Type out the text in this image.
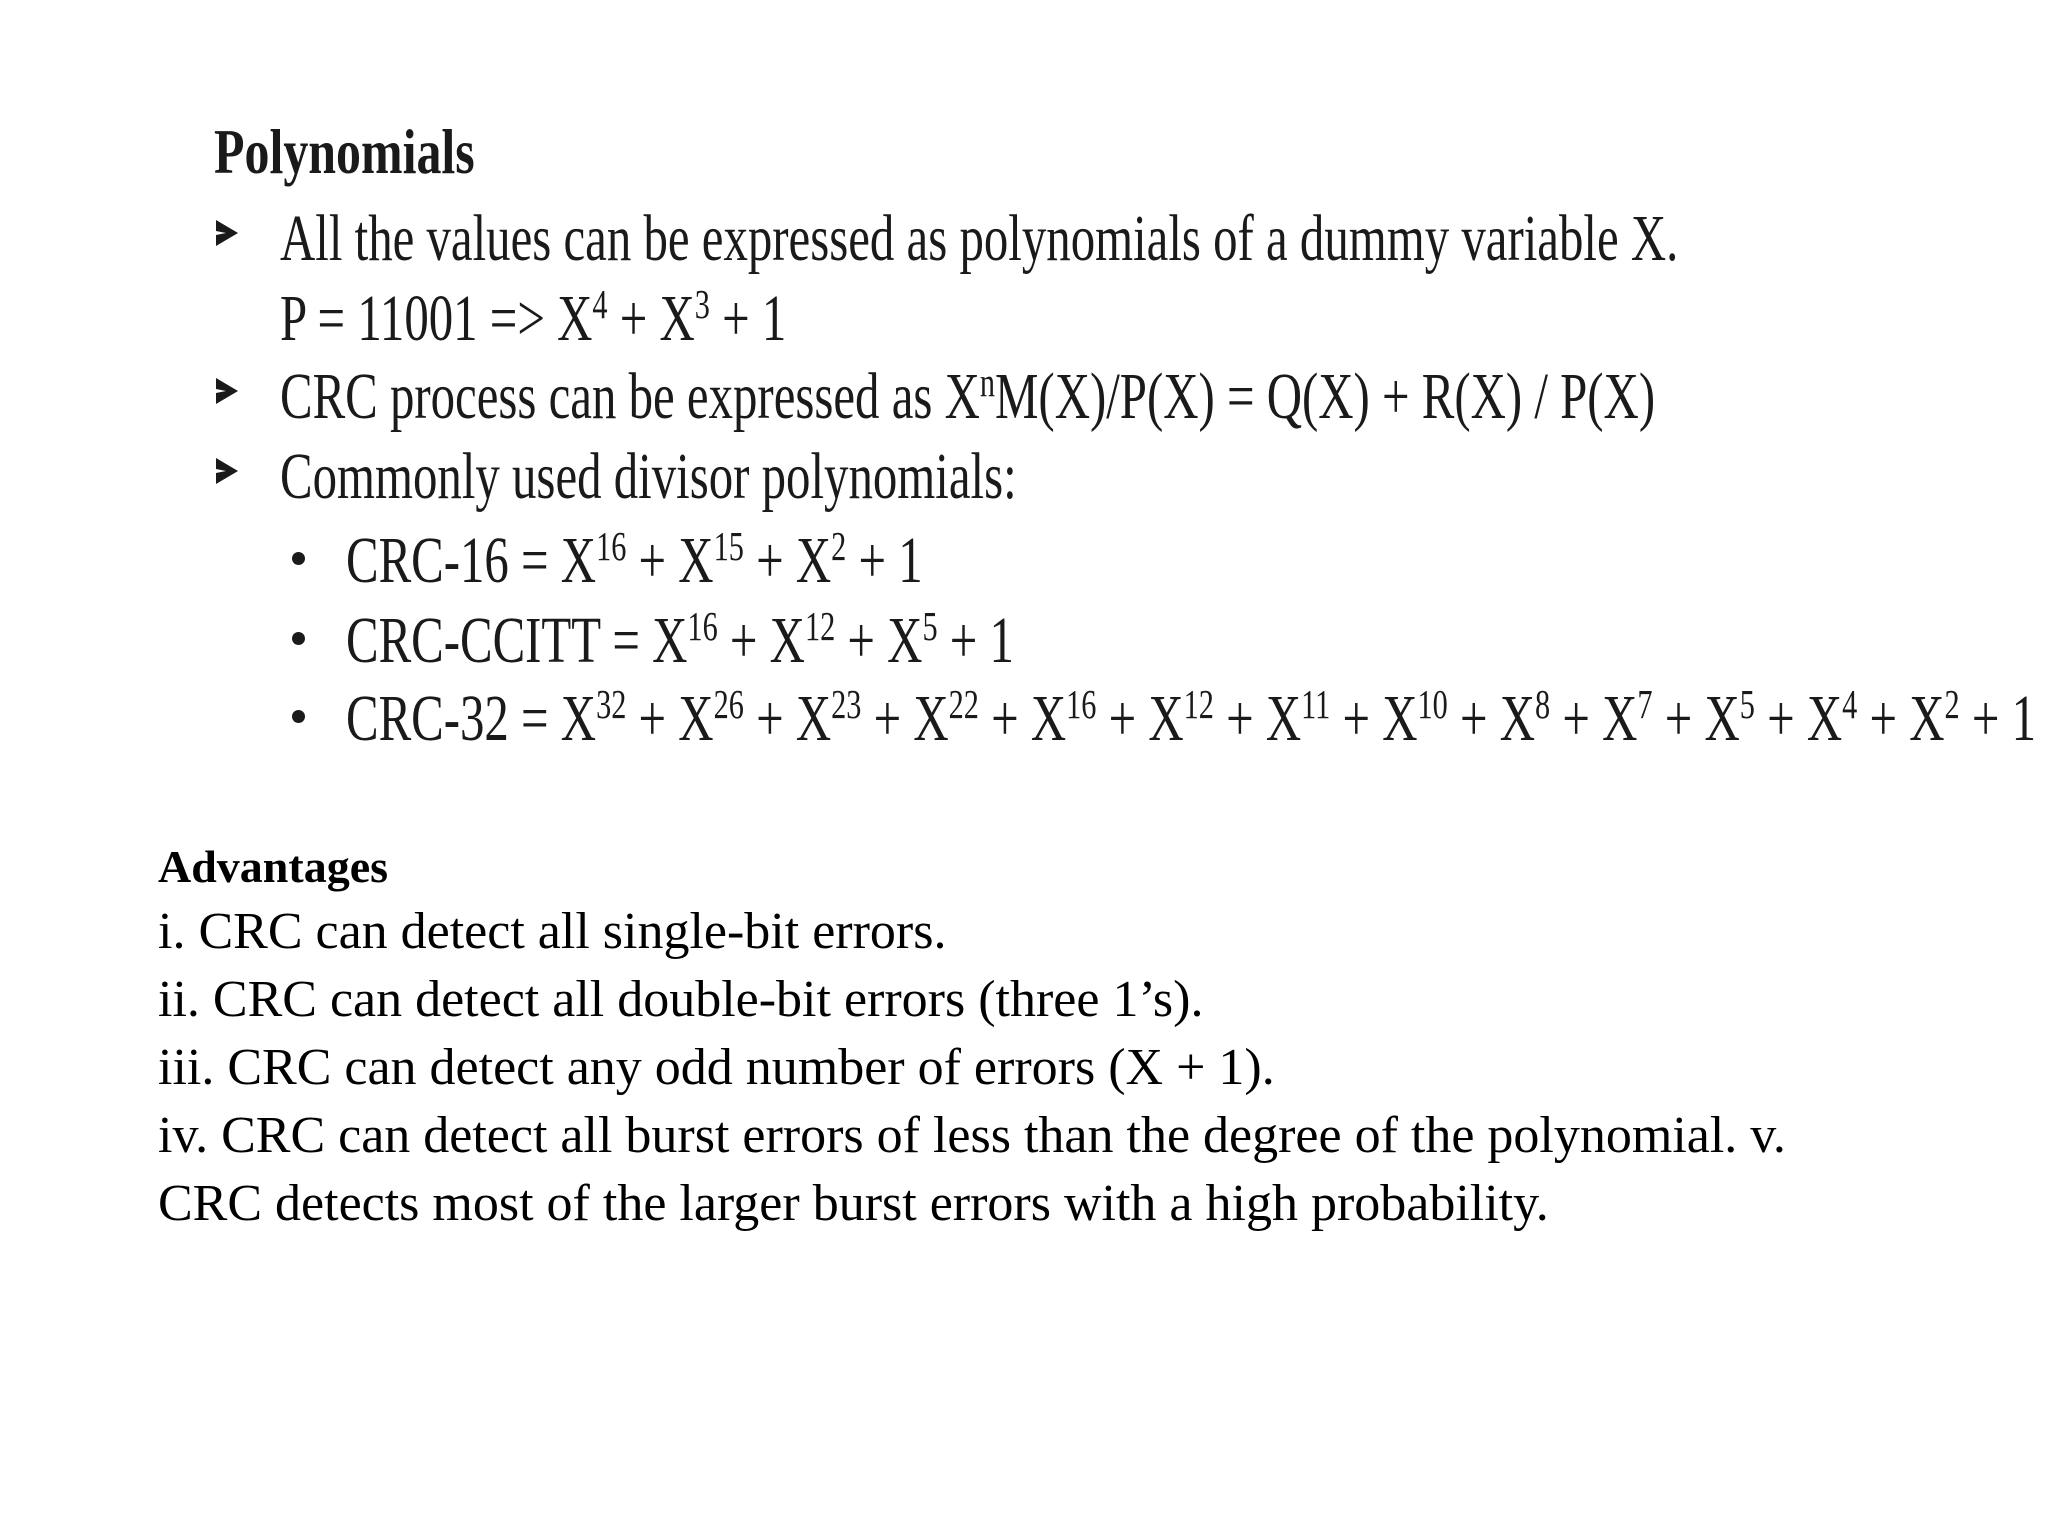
Polynomials
All the values can be expressed as polynomials of a dummy variable X.
$P = 11001 => X^4 + X^3 + 1$
CRC process can be expressed as $X^nM(X)/P(X) = Q(X) + R(X) / P(X)$
Commonly used divisor polynomials:
$CRC-16 = X^{16} + X^{15} + X^2 + 1$
CRC-CCITT = $X^{16} + X^{12} + X^5 + 1$
$CRC-32 = X^{32} + X^{26} + X^{23} + X^{22} + X^{16} + X^{12} + X^{11} + X^{10} + X^8 + X^7 + X^5 + X^4 + X^2 + 1$

Advantages

i. CRC can detect all single-bit errors.

ii. CRC can detect all double-bit errors (three 1’s).

iii. CRC can detect any odd number of errors (X + 1).

iv. CRC can detect all burst errors of less than the degree of the polynomial. v.

CRC detects most of the larger burst errors with a high probability.
